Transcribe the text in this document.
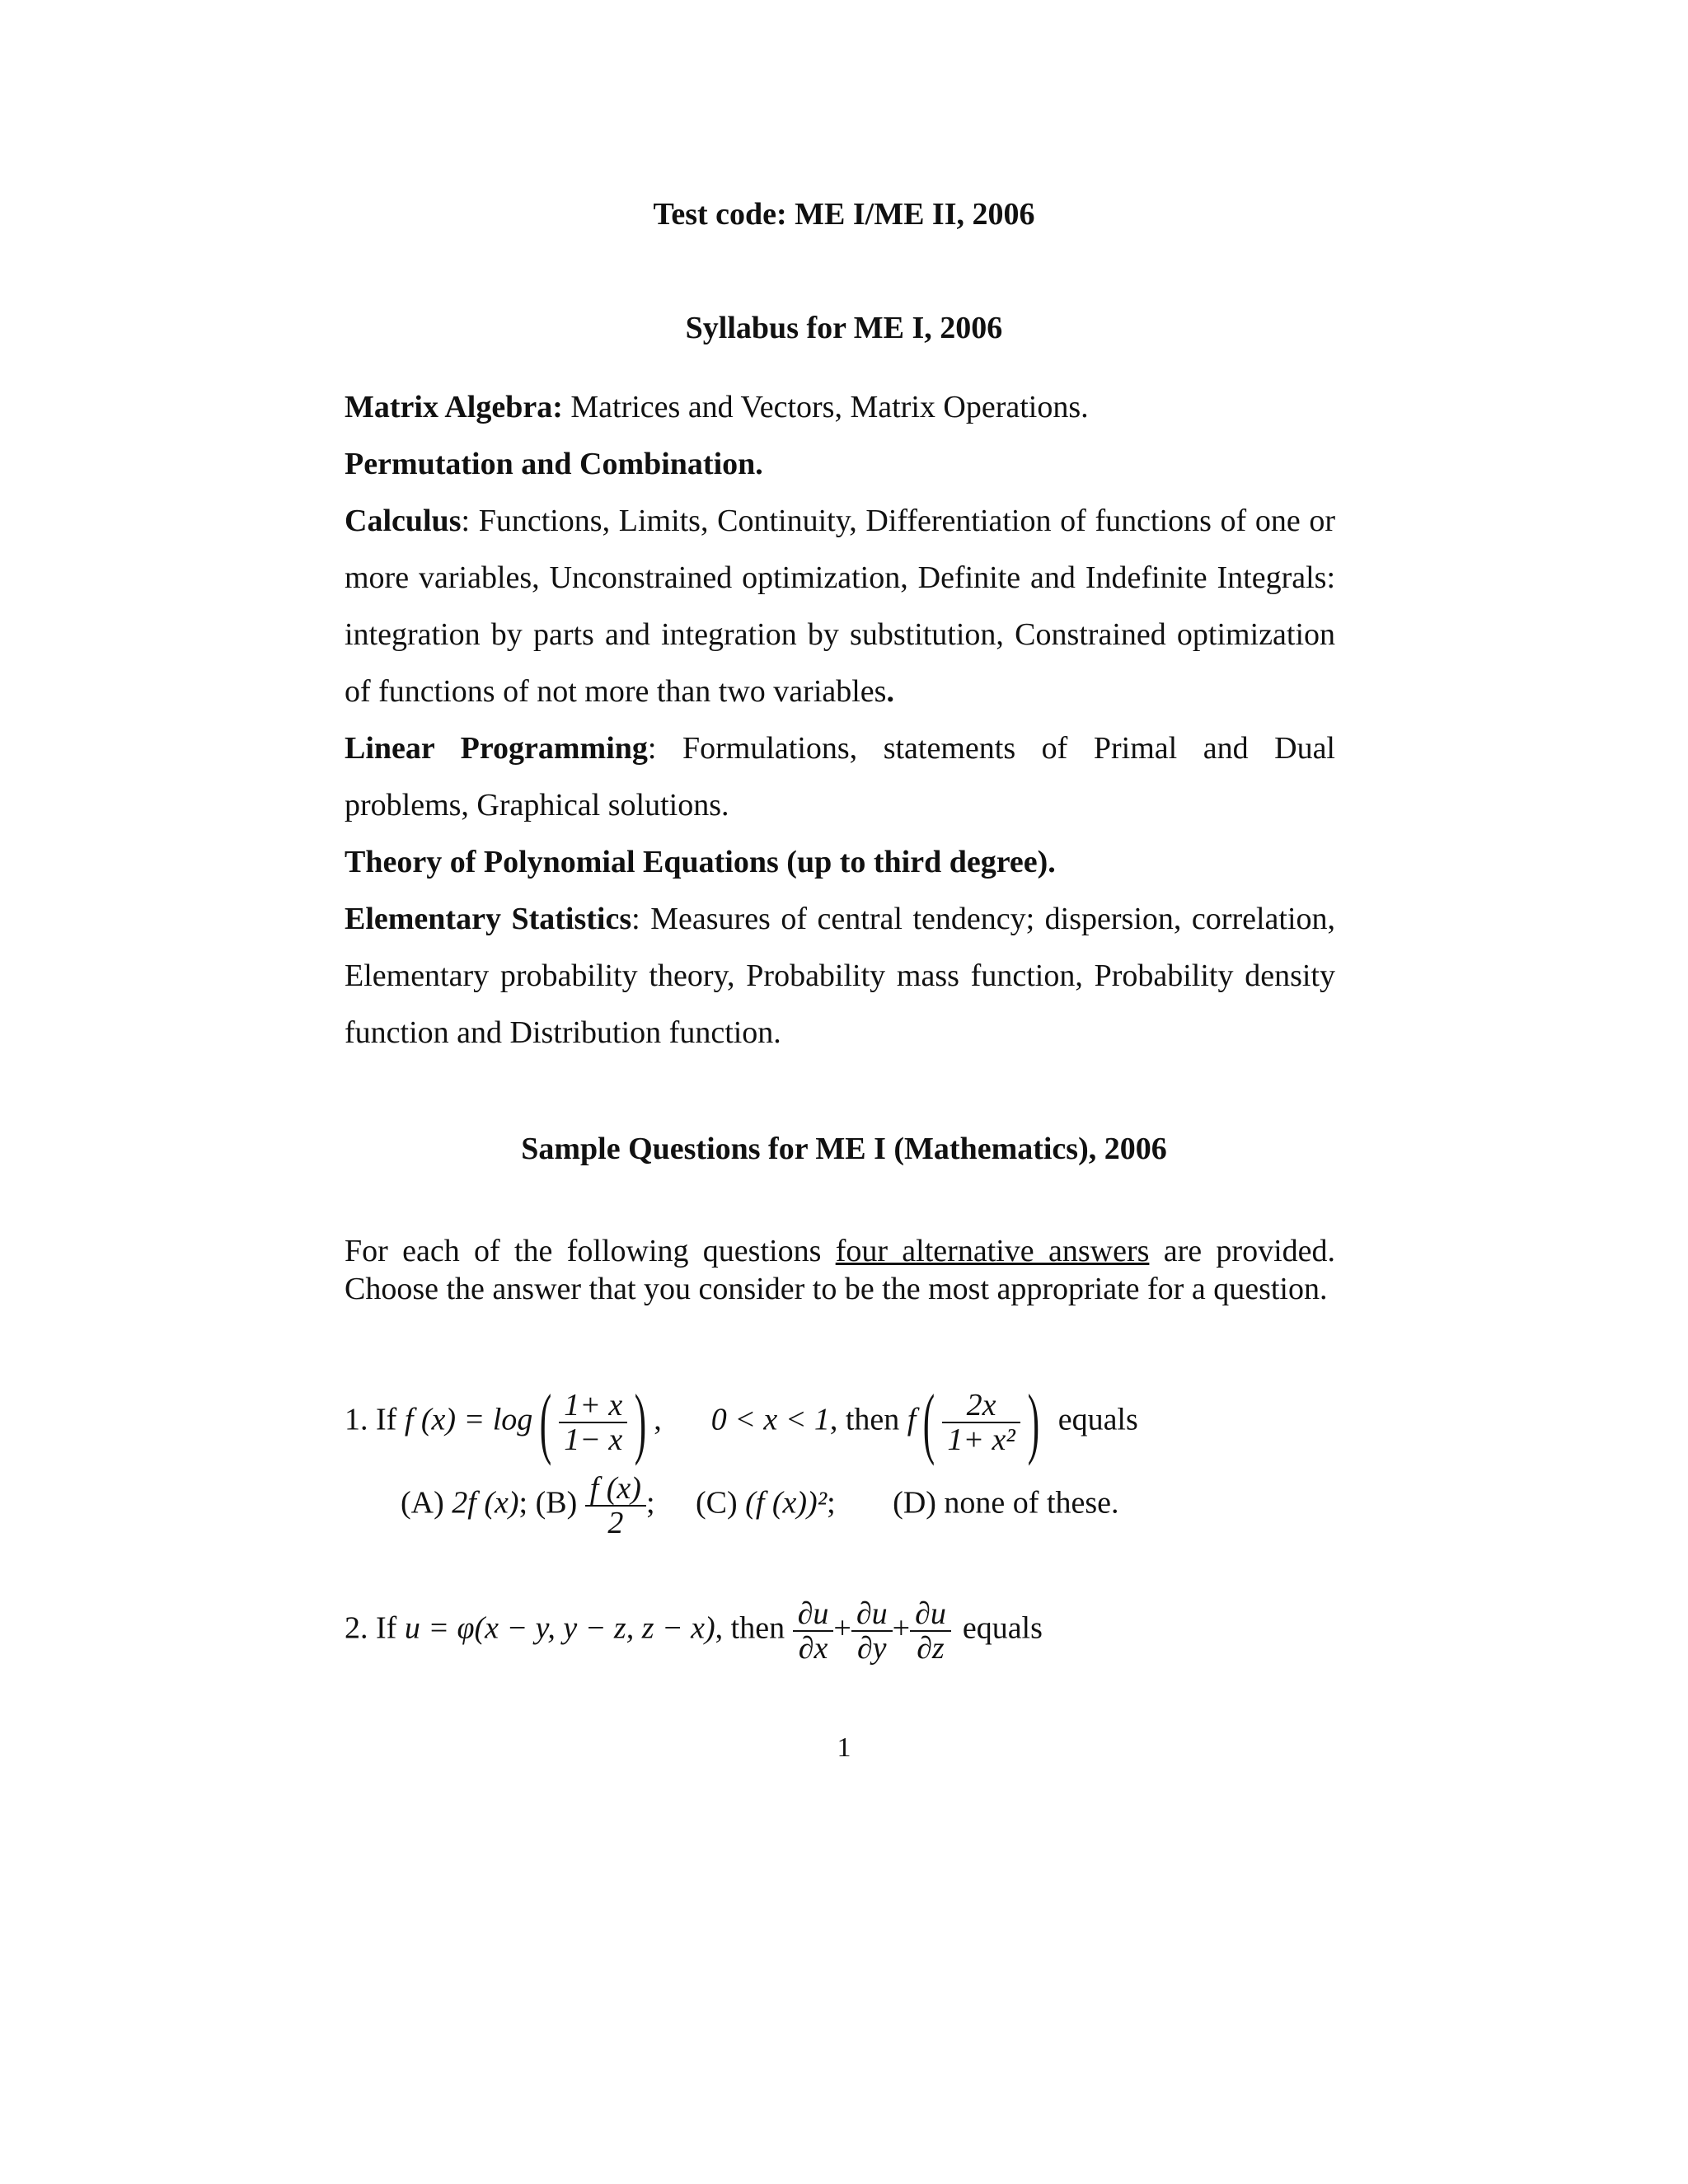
Test code: ME I/ME II, 2006
Syllabus for ME I, 2006
Matrix Algebra: Matrices and Vectors, Matrix Operations.
Permutation and Combination.
Calculus: Functions, Limits, Continuity, Differentiation of functions of one or more variables, Unconstrained optimization, Definite and Indefinite Integrals: integration by parts and integration by substitution, Constrained optimization of functions of not more than two variables.
Linear Programming: Formulations, statements of Primal and Dual problems, Graphical solutions.
Theory of Polynomial Equations (up to third degree).
Elementary Statistics: Measures of central tendency; dispersion, correlation, Elementary probability theory, Probability mass function, Probability density function and Distribution function.
Sample Questions for ME I (Mathematics), 2006
For each of the following questions four alternative answers are provided. Choose the answer that you consider to be the most appropriate for a question.
1. If f $(x) = \log( \frac{1+ x}{1- x}$ ) , 0 < x < 1, then $f( \frac{2x}{\text{1+ x²}}$ ) equals
(A) 2f (x); $(B) \frac{f (x)}{2}$ ; (C) (f (x))²; (D) none of these.
2. If u = φ(x − y, y − z, z − x), then $\frac{\partial u}{\partial x} + \frac{\partial u}{\partial y} + \frac{\partial u}{\partial z}$ equals
1
